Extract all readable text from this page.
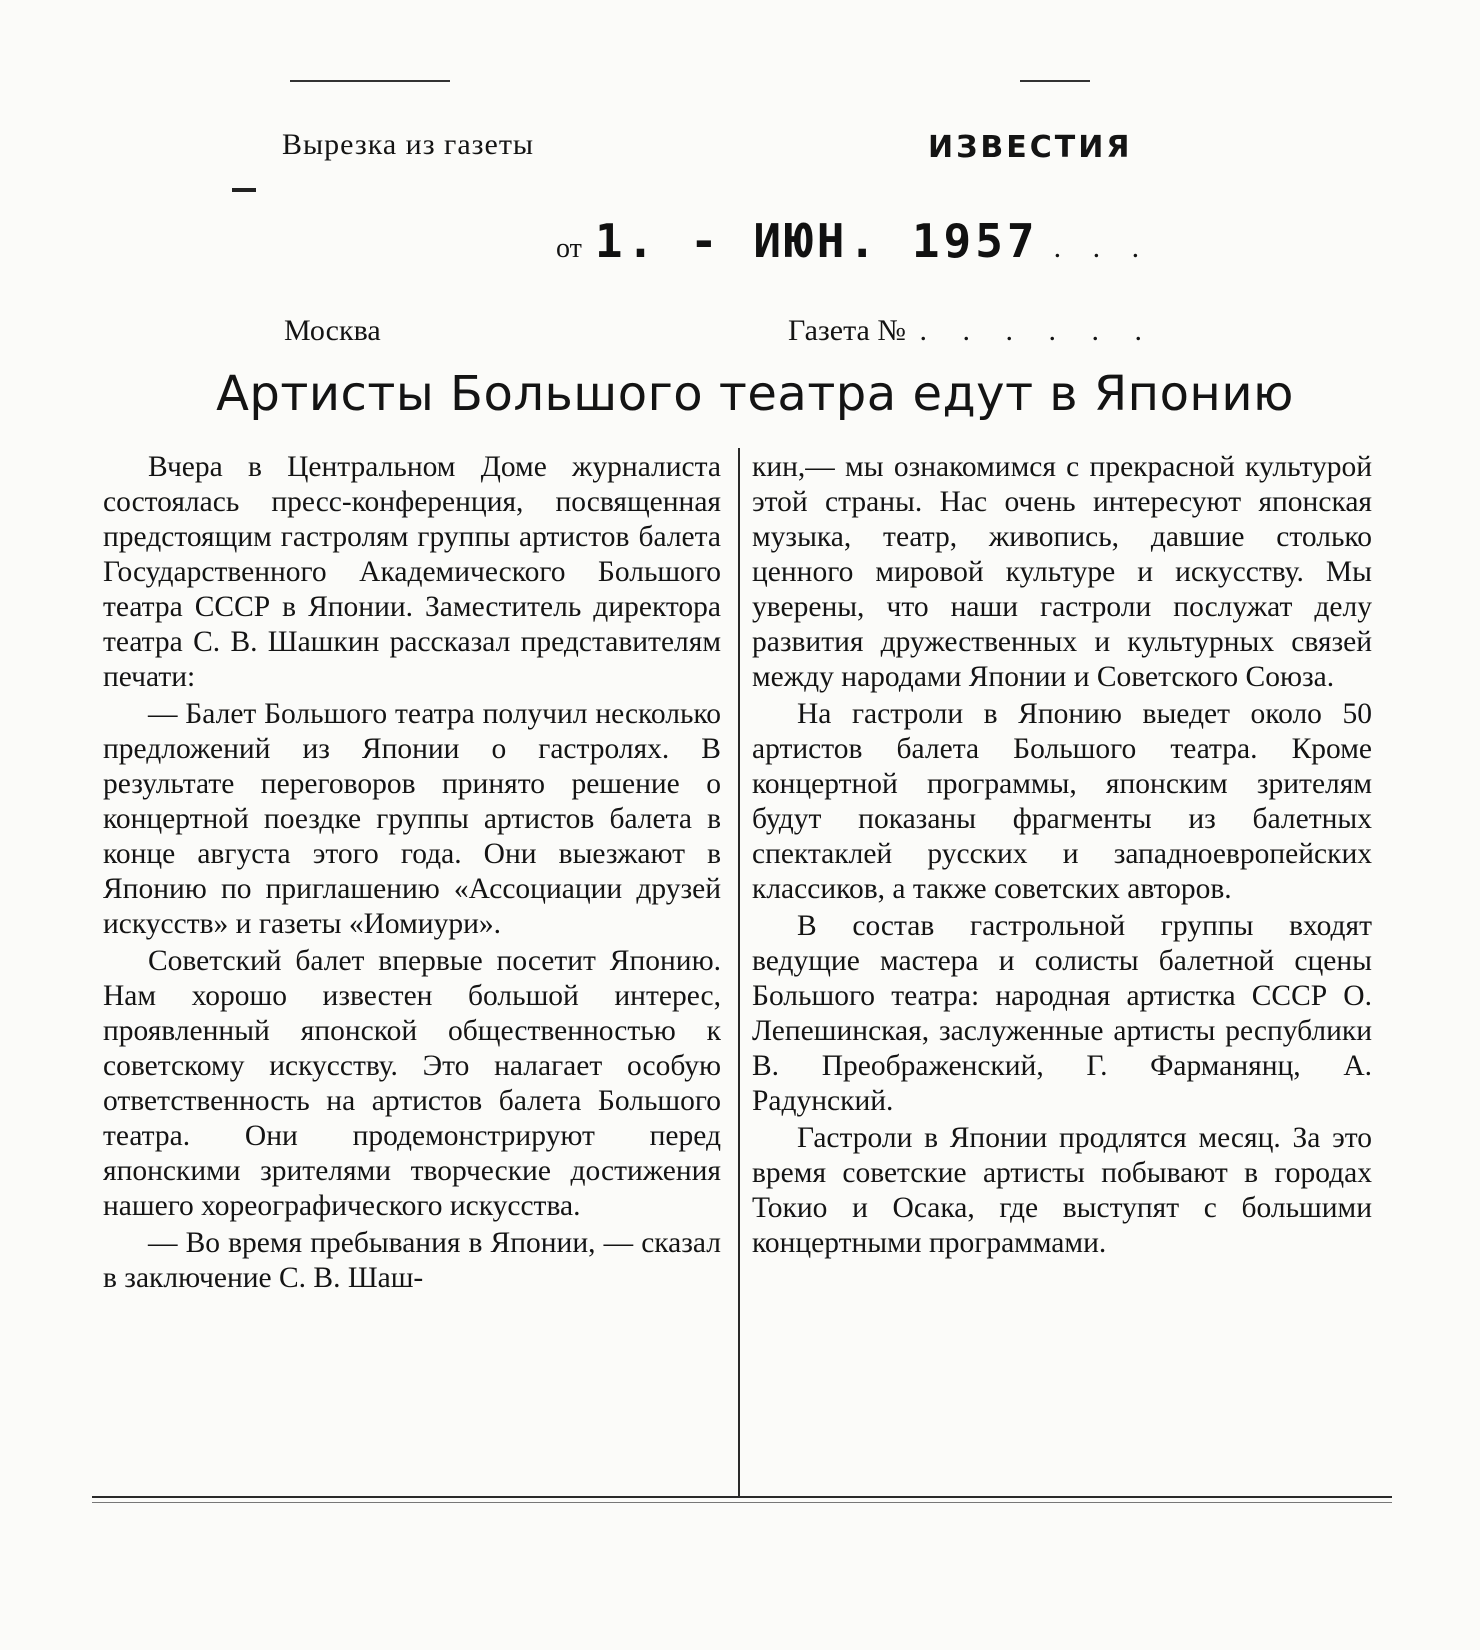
Вырезка из газеты	ИЗВЕСТИЯ
от 1. - ИЮН. 1957 . . .
Москва	Газета № . . . . . .
Артисты Большого театра едут в Японию

Вчера в Центральном Доме журналиста состоялась пресс-конференция, посвященная предстоящим гастролям группы артистов балета Государственного Академического Большого театра СССР в Японии. Заместитель директора театра С. В. Шашкин рассказал представителям печати:

— Балет Большого театра получил несколько предложений из Японии о гастролях. В результате переговоров принято решение о концертной поездке группы артистов балета в конце августа этого года. Они выезжают в Японию по приглашению «Ассоциации друзей искусств» и газеты «Иомиури».

Советский балет впервые посетит Японию. Нам хорошо известен большой интерес, проявленный японской общественностью к советскому искусству. Это налагает особую ответственность на артистов балета Большого театра. Они продемонстрируют перед японскими зрителями творческие достижения нашего хореографического искусства.

— Во время пребывания в Японии, — сказал в заключение С. В. Шаш-

кин,— мы ознакомимся с прекрасной культурой этой страны. Нас очень интересуют японская музыка, театр, живопись, давшие столько ценного мировой культуре и искусству. Мы уверены, что наши гастроли послужат делу развития дружественных и культурных связей между народами Японии и Советского Союза.

На гастроли в Японию выедет около 50 артистов балета Большого театра. Кроме концертной программы, японским зрителям будут показаны фрагменты из балетных спектаклей русских и западноевропейских классиков, а также советских авторов.

В состав гастрольной группы входят ведущие мастера и солисты балетной сцены Большого театра: народная артистка СССР О. Лепешинская, заслуженные артисты республики В. Преображенский, Г. Фарманянц, А. Радунский.

Гастроли в Японии продлятся месяц. За это время советские артисты побывают в городах Токио и Осака, где выступят с большими концертными программами.
